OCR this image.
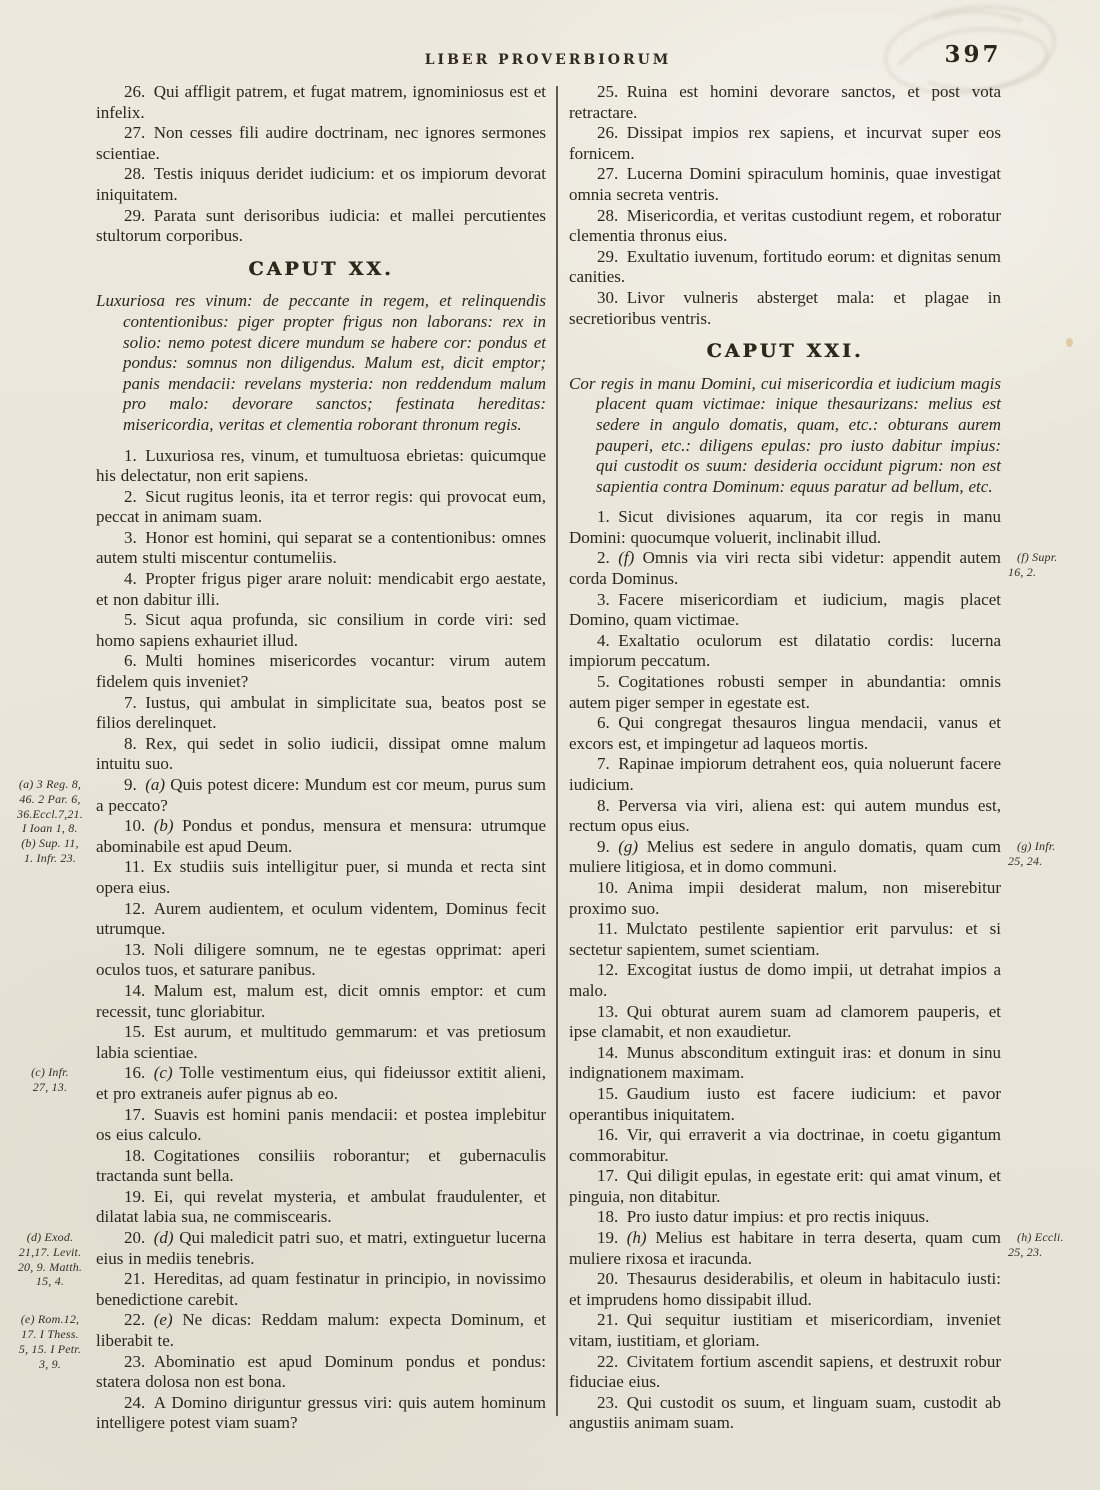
LIBER PROVERBIORUM	397

26. Qui affligit patrem, et fugat matrem, ignominiosus est et infelix.

27. Non cesses fili audire doctrinam, nec ignores sermones scientiae.

28. Testis iniquus deridet iudicium: et os impiorum devorat iniquitatem.

29. Parata sunt derisoribus iudicia: et mallei percutientes stultorum corporibus.

CAPUT XX.

Luxuriosa res vinum: de peccante in regem, et relinquendis contentionibus: piger propter frigus non laborans: rex in solio: nemo potest dicere mundum se habere cor: pondus et pondus: somnus non diligendus. Malum est, dicit emptor; panis mendacii: revelans mysteria: non reddendum malum pro malo: devorare sanctos; festinata hereditas: misericordia, veritas et clementia roborant thronum regis.

1. Luxuriosa res, vinum, et tumultuosa ebrietas: quicumque his delectatur, non erit sapiens.

2. Sicut rugitus leonis, ita et terror regis: qui provocat eum, peccat in animam suam.

3. Honor est homini, qui separat se a contentionibus: omnes autem stulti miscentur contumeliis.

4. Propter frigus piger arare noluit: mendicabit ergo aestate, et non dabitur illi.

5. Sicut aqua profunda, sic consilium in corde viri: sed homo sapiens exhauriet illud.

6. Multi homines misericordes vocantur: virum autem fidelem quis inveniet?

7. Iustus, qui ambulat in simplicitate sua, beatos post se filios derelinquet.

8. Rex, qui sedet in solio iudicii, dissipat omne malum intuitu suo.

9. (a) Quis potest dicere: Mundum est cor meum, purus sum a peccato?
(a) 3 Reg. 8,
46. 2 Par. 6,
36.Eccl.7,21.
I Ioan 1, 8.
(b) Sup. 11,
1. Infr. 23.

10. (b) Pondus et pondus, mensura et mensura: utrumque abominabile est apud Deum.

11. Ex studiis suis intelligitur puer, si munda et recta sint opera eius.

12. Aurem audientem, et oculum videntem, Dominus fecit utrumque.

13. Noli diligere somnum, ne te egestas opprimat: aperi oculos tuos, et saturare panibus.

14. Malum est, malum est, dicit omnis emptor: et cum recessit, tunc gloriabitur.

15. Est aurum, et multitudo gemmarum: et vas pretiosum labia scientiae.

16. (c) Tolle vestimentum eius, qui fideiussor extitit alieni, et pro extraneis aufer pignus ab eo.
(c) Infr.
27, 13.

17. Suavis est homini panis mendacii: et postea implebitur os eius calculo.

18. Cogitationes consiliis roborantur; et gubernaculis tractanda sunt bella.

19. Ei, qui revelat mysteria, et ambulat fraudulenter, et dilatat labia sua, ne commiscearis.

20. (d) Qui maledicit patri suo, et matri, extinguetur lucerna eius in mediis tenebris.
(d) Exod.
21,17. Levit.
20, 9. Matth.
15, 4.	21. Hereditas, ad quam festinatur in principio, in novissimo benedictione carebit.

22. (e) Ne dicas: Reddam malum: expecta Dominum, et liberabit te.
(e) Rom.12,
17. I Thess.
5, 15. I Petr.
3, 9.	23. Abominatio est apud Dominum pondus et pondus: statera dolosa non est bona.

24. A Domino diriguntur gressus viri: quis autem hominum intelligere potest viam suam?

25. Ruina est homini devorare sanctos, et post vota retractare.

26. Dissipat impios rex sapiens, et incurvat super eos fornicem.

27. Lucerna Domini spiraculum hominis, quae investigat omnia secreta ventris.

28. Misericordia, et veritas custodiunt regem, et roboratur clementia thronus eius.

29. Exultatio iuvenum, fortitudo eorum: et dignitas senum canities.

30. Livor vulneris absterget mala: et plagae in secretioribus ventris.

CAPUT XXI.

Cor regis in manu Domini, cui misericordia et iudicium magis placent quam victimae: inique thesaurizans: melius est sedere in angulo domatis, quam, etc.: obturans aurem pauperi, etc.: diligens epulas: pro iusto dabitur impius: qui custodit os suum: desideria occidunt pigrum: non est sapientia contra Dominum: equus paratur ad bellum, etc.

1. Sicut divisiones aquarum, ita cor regis in manu Domini: quocumque voluerit, inclinabit illud.

2. (f) Omnis via viri recta sibi videtur: appendit autem corda Dominus.
(f) Supr.
16, 2.

3. Facere misericordiam et iudicium, magis placet Domino, quam victimae.

4. Exaltatio oculorum est dilatatio cordis: lucerna impiorum peccatum.

5. Cogitationes robusti semper in abundantia: omnis autem piger semper in egestate est.

6. Qui congregat thesauros lingua mendacii, vanus et excors est, et impingetur ad laqueos mortis.

7. Rapinae impiorum detrahent eos, quia noluerunt facere iudicium.

8. Perversa via viri, aliena est: qui autem mundus est, rectum opus eius.

9. (g) Melius est sedere in angulo domatis, quam cum muliere litigiosa, et in domo communi.
(g) Infr.
25, 24.

10. Anima impii desiderat malum, non miserebitur proximo suo.

11. Mulctato pestilente sapientior erit parvulus: et si sectetur sapientem, sumet scientiam.

12. Excogitat iustus de domo impii, ut detrahat impios a malo.

13. Qui obturat aurem suam ad clamorem pauperis, et ipse clamabit, et non exaudietur.

14. Munus absconditum extinguit iras: et donum in sinu indignationem maximam.

15. Gaudium iusto est facere iudicium: et pavor operantibus iniquitatem.

16. Vir, qui erraverit a via doctrinae, in coetu gigantum commorabitur.

17. Qui diligit epulas, in egestate erit: qui amat vinum, et pinguia, non ditabitur.

18. Pro iusto datur impius: et pro rectis iniquus.

19. (h) Melius est habitare in terra deserta, quam cum muliere rixosa et iracunda.
(h) Eccli.
25, 23.

20. Thesaurus desiderabilis, et oleum in habitaculo iusti: et imprudens homo dissipabit illud.

21. Qui sequitur iustitiam et misericordiam, inveniet vitam, iustitiam, et gloriam.

22. Civitatem fortium ascendit sapiens, et destruxit robur fiduciae eius.

23. Qui custodit os suum, et linguam suam, custodit ab angustiis animam suam.
